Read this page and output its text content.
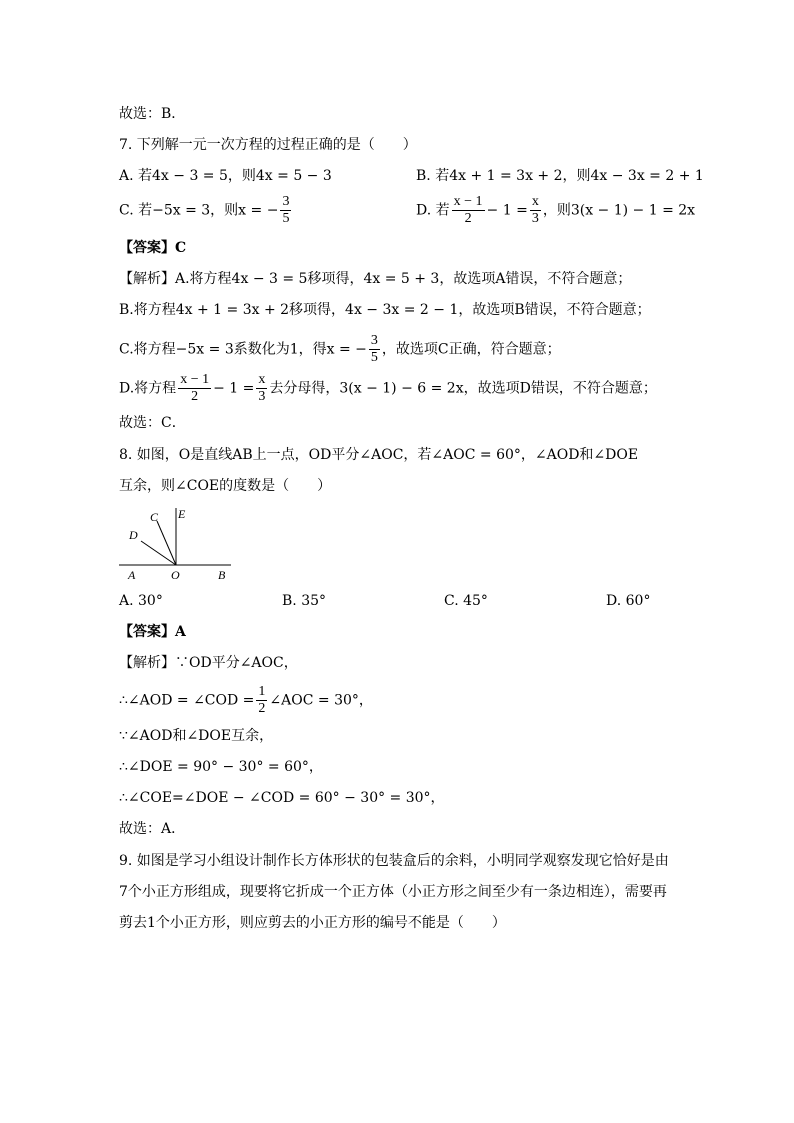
故选：B．
7. 下列解一元一次方程的过程正确的是（　　）
A. 若4x − 3 = 5，则4x = 5 − 3	B. 若4x + 1 = 3x + 2，则4x − 3x = 2 + 1
C. 若−5x = 3，则x = − $\frac{3}{5}$	D. 若 $\frac{x - 1}{2} - 1 = \frac{x}{3}$ ，则3(x − 1) − 1 = 2x
【答案】C
【解析】A.将方程4x − 3 = 5移项得，4x = 5 + 3，故选项A错误，不符合题意；
B.将方程4x + 1 = 3x + 2移项得，4x − 3x = 2 − 1，故选项B错误，不符合题意；
C.将方程−5x = 3系数化为1，得x = − $\frac{3}{5}$ ，故选项C正确，符合题意；
D.将方程 $\frac{x - 1}{2} - 1 = \frac{x}{3}$ 去分母得，3(x − 1) − 6 = 2x，故选项D错误，不符合题意；
故选：C．
8. 如图，O是直线AB上一点，OD平分∠AOC，若∠AOC = 60°，∠AOD和∠DOE
互余，则∠COE的度数是（　　）
A	O	B
C
D
E
A. 30°	B. 35°	C. 45°	D. 60°
【答案】A
【解析】∵OD平分∠AOC，
∴∠AOD = ∠COD = $\frac{1}{2}$ ∠AOC = 30°，
∵∠AOD和∠DOE互余，
∴∠DOE = 90° − 30° = 60°，
∴∠COE=∠DOE − ∠COD = 60° − 30° = 30°，
故选：A．
9. 如图是学习小组设计制作长方体形状的包装盒后的余料，小明同学观察发现它恰好是由
7个小正方形组成，现要将它折成一个正方体（小正方形之间至少有一条边相连），需要再
剪去1个小正方形，则应剪去的小正方形的编号不能是（　　）
